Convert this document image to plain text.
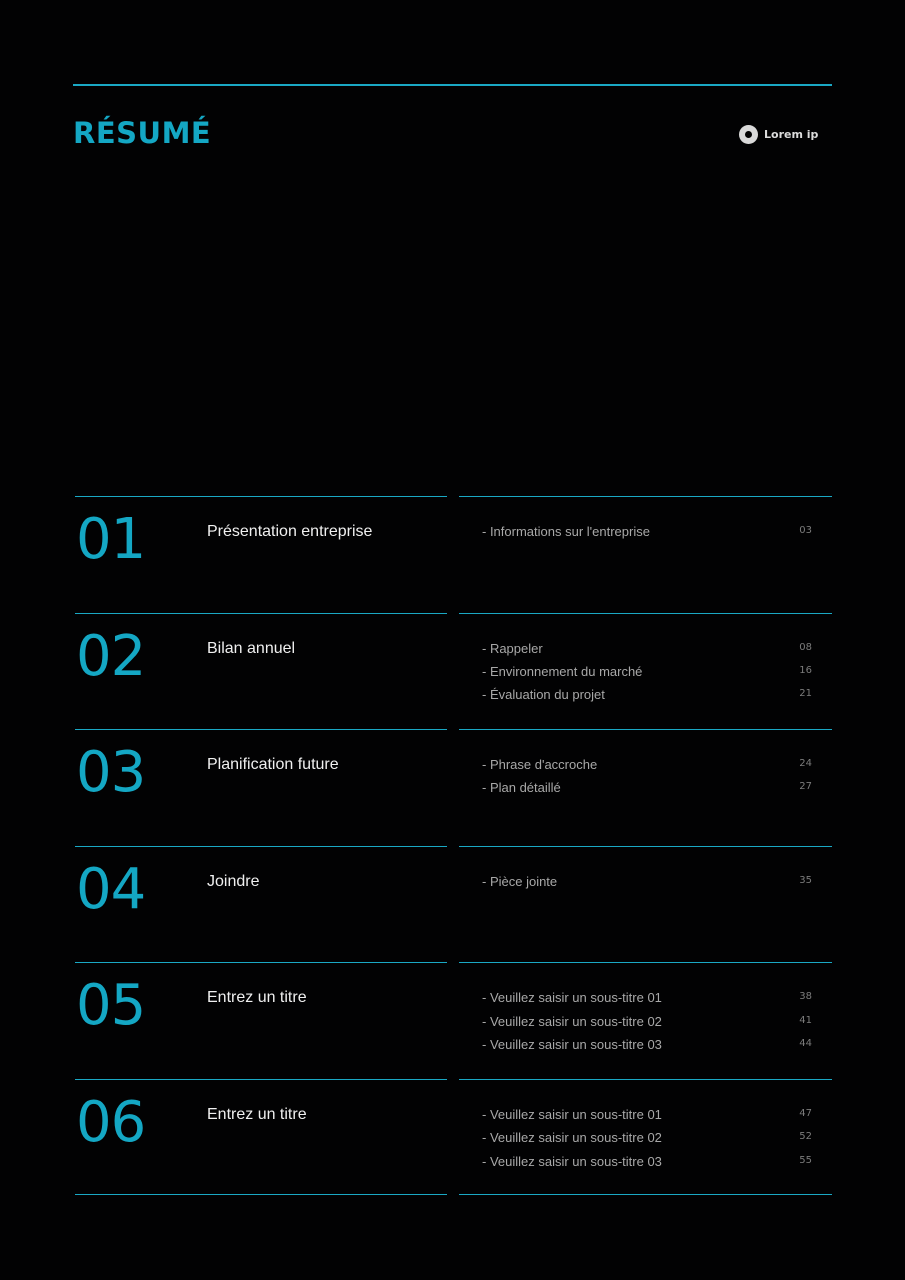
RÉSUMÉ	Lorem ip
01	Présentation entreprise	- Informations sur l'entreprise	03
02	Bilan annuel	- Rappeler	08
- Environnement du marché	16
- Évaluation du projet	21
03	Planification future	- Phrase d'accroche	24
- Plan détaillé	27
04	Joindre	- Pièce jointe	35
05	Entrez un titre	- Veuillez saisir un sous-titre 01	38
- Veuillez saisir un sous-titre 02	41
- Veuillez saisir un sous-titre 03	44
06	Entrez un titre	- Veuillez saisir un sous-titre 01	47
- Veuillez saisir un sous-titre 02	52
- Veuillez saisir un sous-titre 03	55
